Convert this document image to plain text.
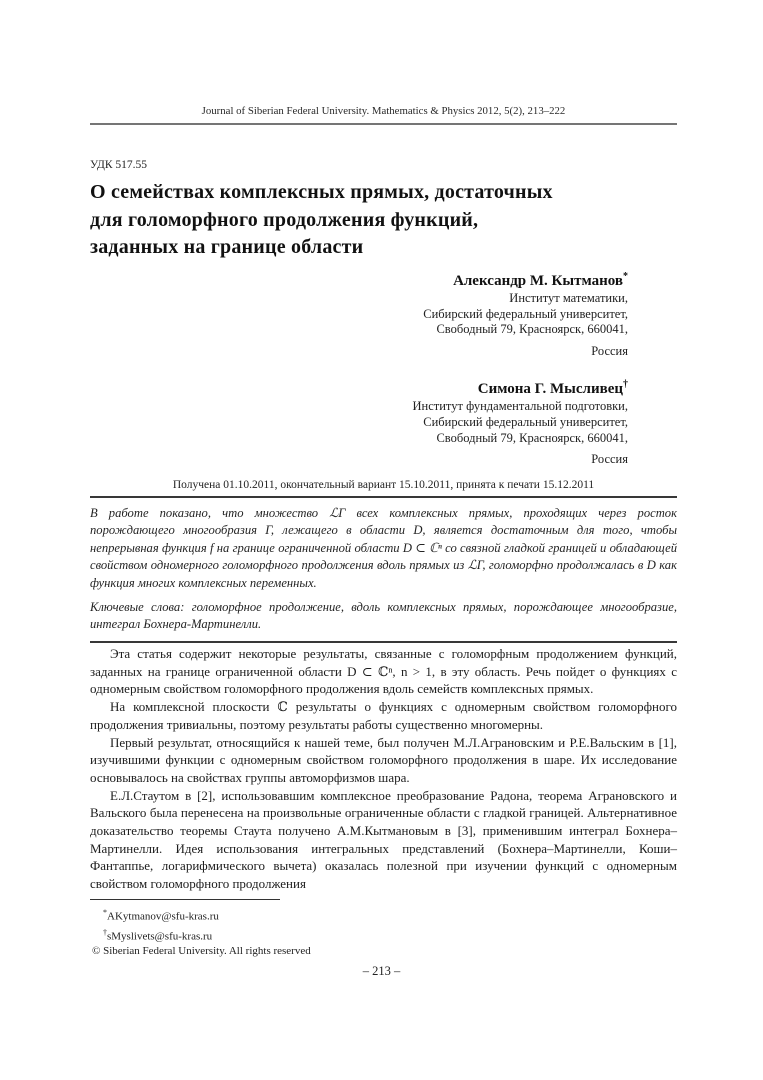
Journal of Siberian Federal University. Mathematics & Physics 2012, 5(2), 213–222
УДК 517.55
О семействах комплексных прямых, достаточных
для голоморфного продолжения функций,
заданных на границе области
Александр М. Кытманов*
Институт математики,
Сибирский федеральный университет,
Свободный 79, Красноярск, 660041,
Россия
Симона Г. Мысливец†
Институт фундаментальной подготовки,
Сибирский федеральный университет,
Свободный 79, Красноярск, 660041,
Россия
Получена 01.10.2011, окончательный вариант 15.10.2011, принята к печати 15.12.2011
В работе показано, что множество ℒΓ всех комплексных прямых, проходящих через росток порождающего многообразия Γ, лежащего в области D, является достаточным для того, чтобы непрерывная функция f на границе ограниченной области D ⊂ ℂⁿ со связной гладкой границей и обладающей свойством одномерного голоморфного продолжения вдоль прямых из ℒΓ, голоморфно продолжалась в D как функция многих комплексных переменных.
Ключевые слова: голоморфное продолжение, вдоль комплексных прямых, порождающее многообразие, интеграл Бохнера-Мартинелли.

Эта статья содержит некоторые результаты, связанные с голоморфным продолжением функций, заданных на границе ограниченной области D ⊂ ℂⁿ, n > 1, в эту область. Речь пойдет о функциях с одномерным свойством голоморфного продолжения вдоль семейств комплексных прямых.

На комплексной плоскости ℂ результаты о функциях с одномерным свойством голоморфного продолжения тривиальны, поэтому результаты работы существенно многомерны.

Первый результат, относящийся к нашей теме, был получен М.Л.Аграновским и Р.Е.Вальским в [1], изучившими функции с одномерным свойством голоморфного продолжения в шаре. Их исследование основывалось на свойствах группы автоморфизмов шара.

Е.Л.Стаутом в [2], использовавшим комплексное преобразование Радона, теорема Аграновского и Вальского была перенесена на произвольные ограниченные области с гладкой границей. Альтернативное доказательство теоремы Стаута получено А.М.Кытмановым в [3], применившим интеграл Бохнера–Мартинелли. Идея использования интегральных представлений (Бохнера–Мартинелли, Коши–Фантаппье, логарифмического вычета) оказалась полезной при изучении функций с одномерным свойством голоморфного продолжения

*AKytmanov@sfu-kras.ru
†sMyslivets@sfu-kras.ru
© Siberian Federal University. All rights reserved
– 213 –
